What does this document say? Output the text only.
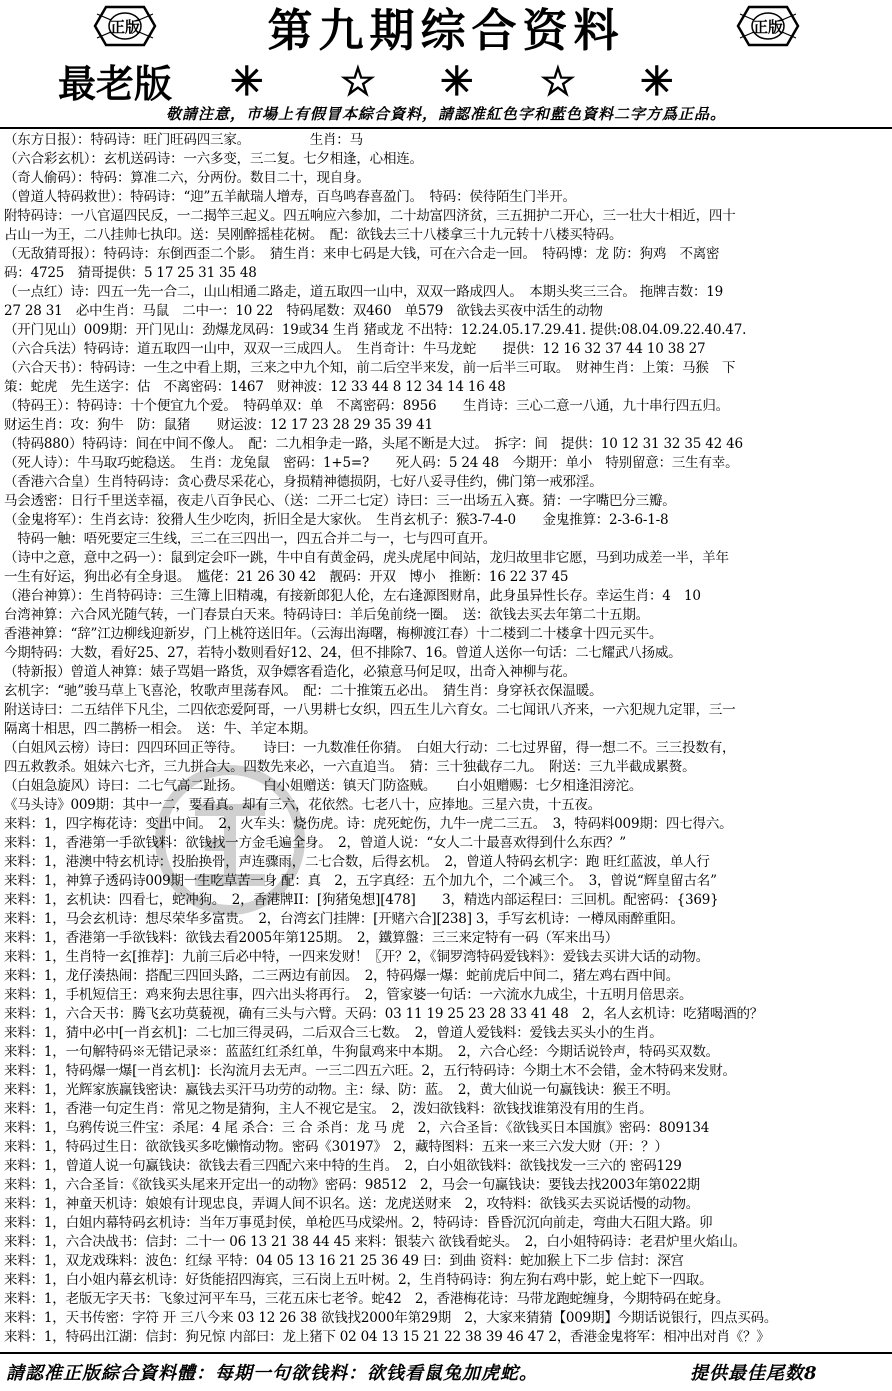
正版	正版
第九期综合资料
最老版 ✳ ☆ ✳ ☆ ✳
敬請注意，市場上有假冒本綜合資料，請認准紅色字和藍色資料二字方爲正品。
（东方日报）：特码诗：旺门旺码四三家。　　　　　生肖：马
（六合彩玄机）：玄机送码诗：一六多变，三二复。七夕相逢，心相连。
（奇人偷码）：特码：算准二六，分两份。数目二十，现自身。
（曾道人特码救世）：特码诗：“迎”五羊献瑞人增寿，百鸟鸣春喜盈门。　特码：侯待陌生门半开。
附特码诗：一八官逼四民反，一二揭竿三起义。四五响应六参加，二十劫富四济贫，三五拥护二开心，三一壮大十相近，四十
占山一为王，二八挂帅七执印。送：吴刚醉摇桂花树。　配：欲钱去三十八楼拿三十九元转十八楼买特码。
（无敌猜哥报）：特码诗：东倒西歪二个影。　猜生肖：来申七码是大钱，可在六合走一回。　特码博：龙 防：狗鸡　不离密
码：4725　猜哥提供：5 17 25 31 35 48
（一点红）诗：四五一先一合二，山山相通二路走，道五取四一山中，双双一路成四人。　本期头奖三三合。 拖牌吉数：19
27 28 31　必中生肖：马鼠　二中一：10 22　特码尾数：双460　单579　欲钱去买夜中活生的动物
（开门见山）009期：开门见山：劲爆龙凤码：19或34 生肖 猪或龙 不出特：12.24.05.17.29.41. 提供:08.04.09.22.40.47.
（六合兵法）特码诗：道五取四一山中，双双一三成四人。　生肖奇计：牛马龙蛇　　提供：12 16 32 37 44 10 38 27
（六合天书）：特码诗：一生之中看上期，三来之中九个知，前二后空半来发，前一后半三可取。　财神生肖：上策：马猴　下
策：蛇虎　先生送字：估　不离密码：1467　财神波：12 33 44 8 12 34 14 16 48
（特码王）：特码诗：十个便宜九个爱。　特码单双：单　不离密码：8956　　生肖诗：三心二意一八通，九十串行四五归。
财运生肖：攻：狗牛　防：鼠猪　　财运波：12 17 23 28 29 35 39 41
（特码880）特码诗：间在中间不像人。　配：二九相争走一路，头尾不断是大过。　拆字：间　提供：10 12 31 32 35 42 46
（死人诗）：牛马取巧蛇稳送。　生肖：龙兔鼠　密码：1+5=?　　死人码：5 24 48　今期开：单小　特别留意：三生有幸。
（香港六合皇）生肖特码诗：贪心费尽采花心，身损精神德损阴，七好八妥寻佳约，佛门第一戒邪淫。
马会透密：日行千里送幸福，夜走八百争民心、（送：二开二七定）诗曰：三一出场五入赛。猜：一字嘴巴分三瓣。
（金鬼将军）：生肖玄诗：狡猾人生少吃肉，折旧全是大家伙。　生肖玄机子：猴3-7-4-0　　金鬼推算：2-3-6-1-8
　特码一触：唔死要定三生线，三二在三四出一，四五合并二与一，七与四可直开。
（诗中之意，意中之码一）：鼠到定会吓一跳，牛中自有黄金码，虎头虎尾中间站，龙归故里非它愿，马到功成差一半，羊年
一生有好运，狗出必有全身退。　尴佬：21 26 30 42　靓码：开双　博小　推断：16 22 37 45
（港台神算）：生肖特码诗：三生簿上旧精魂，有接新郎犯人伦，左右逢源图财帛，此身虽异性长存。幸运生肖：4　10
台湾神算：六合风光随气转，一门春景白天来。特码诗曰：羊后兔前绕一圈。　送：欲钱去买去年第二十五期。
香港神算：“辞”江边柳线迎新岁，门上桃符送旧年。（云海出海曙，梅柳渡江春）十二楼到二十楼拿十四元买牛。
今期特码：大数，看好25、27，若特小数则看好12、24，但不排除7、16。曾道人送你一句话：二七耀武八扬威。
（特新报）曾道人神算：婊子骂娼一路货，双争嫖客看造化，必猿意马何足叹，出奇入神柳与花。
玄机字：“驰”骏马草上飞喜沦，牧歌声里荡春风。　配：二十推策五必出。　猜生肖：身穿袄衣保温暖。
附送诗曰：二五结伴下凡尘，二四依恋爱阿哥，一八男耕七女织，四五生儿六育女。二七闻讯八齐来，一六犯规九定罪，三一
隔离十相思，四二鹊桥一相会。　送：牛、羊定本期。
（白姐风云榜）诗曰：四四环回正等待。　　诗曰：一九数准任你猜。　白姐大行动：二七过界留，得一想二不。三三投数有，
四五救教杀。姐妹六七齐，三九拼合大。四数先来必，一六直追当。　猜：三十独截存二九。　附送：三九半截成累赘。
（白姐急旋风）诗曰：二七气高二趾扬。　　白小姐赠送：镇天门防盗贼。　　白小姐赠赐：七夕相逢泪滂沱。
《马头诗》009期：其中一二，要看真。却有三六，花依然。七老八十，应捧地。三星六贵，十五夜。
来料：1，四字梅花诗：变出中间。　2，火车头：烧伤虎。诗：虎死蛇伤，九牛一虎二三五。　3，特码料009期：四七得六。
来料：1，香港第一手欲钱料：欲钱找一方金毛遍全身。　2，曾道人说：“女人二十最喜欢得到什么东西？”
来料：1，港澳中特玄机诗：投胎换骨，声连骤雨，二七合数，后得玄机。　2，曾道人特码玄机字：跑 旺红蓝波，单人行
来料：1，神算子透码诗009期一生吃草苦一身 配：真　2，五字真经：五个加九个，二个减三个。　3，曾说“辉皇留古名”
来料：1，玄机诀：四看七，蛇冲狗。　2，香港牌II：[狗猪兔想][478]　　3，精选内部运程曰：三回机。配密码：{369}
来料：1，马会玄机诗：想尽荣华多富贵。　2，台湾玄门挂牌：[开赌六合][238] 3，手写玄机诗：一樽凤雨醉重阳。
来料：1，香港第一手欲钱料：欲钱去看2005年第125期。　2，鐵算盤：三三来定特有一码（军来出马）
来料：1，生肖特一玄[推荐]：九前三后必中特，一四来发财！〖开？2，《铜罗湾特码爱钱料》：爱钱去买讲大话的动物。
来料：1，龙仔湊热闹：搭配三四回头路，二三两边有前因。　2，特码爆一爆：蛇前虎后中间二，猪左鸡右酉中间。
来料：1，手机短信王：鸡来狗去思往事，四六出头将再行。　2，管家婆一句话：一六流水九成尘，十五明月倍思亲。
来料：1，六合天书：腾飞玄功莫藐视，确有三头与六臂。天码：03 11 19 25 23 28 33 41 48　2，名人玄机诗：吃猪喝酒的？
来料：1，猜中必中[一肖玄机]：二七加三得灵码，二后双合三七数。　2，曾道人爱钱料：爱钱去买头小的生肖。
来料：1，一句解特码※无错记录※：蓝蓝红红杀红单，牛狗鼠鸡来中本期。　2，六合心经：今期话说铃声，特码买双数。
来料：1，特码爆一爆[一肖玄机]：长沟流月去无声。一三二四五六旺。2，五行特码诗：今期土木不会错，金木特码来发财。
来料：1，光辉家族赢钱密诀：赢钱去买汗马功劳的动物。主：绿、防：蓝。　2，黄大仙说一句赢钱诀：猴王不明。
来料：1，香港一句定生肖：常见之物是猜狗，主人不视它是宝。　2，泼妇欲钱料：欲钱找谁第没有用的生肖。
来料：1，乌鸦传说三件宝：杀尾：4 尾 杀合：三 合 杀肖：龙 马 虎　2，六合圣旨：《欲钱买日本国旗》密码：809134
来料：1，特码过生日：欲欲钱买多吃懒惰动物。密码《30197》　2，藏特图料：五来一来三六发大财（开：？）
来料：1，曾道人说一句赢钱诀：欲钱去看三四配六来中特的生肖。　2，白小姐欲钱料：欲钱找发一三六的 密码129
来料：1，六合圣旨：《欲钱买头尾来开定出一的动物》密码：98512　2，马会一句赢钱诀：要钱去找2003年第022期
来料：1，神童天机诗：娘娘有计现忠良，弄调人间不识名。送：龙虎送财来　2，攻特料：欲钱买去买说话慢的动物。
来料：1，白姐内幕特码玄机诗：当年万事觅封侯，单枪匹马戍梁州。2，特码诗：昏昏沉沉向前走，弯曲大石阻大路。卯
来料：1，六合决战书：信封：二十一 06 13 21 38 44 45 来料：银装六 欲钱看蛇头。　2，白小姐特码诗：老君炉里火焰山。
来料：1，双龙戏珠料：波色：红绿 平特：04 05 13 16 21 25 36 49 曰：到曲 资料：蛇加猴上下二步 信封：深宫
来料：1，白小姐内幕玄机诗：好货能招四海宾，三石岗上五叶树。2，生肖特码诗：狗左狗右鸡中影，蛇上蛇下一四取。
来料：1，老版无字天书：飞象过河平车马，三花五床七老爷。蛇42　2，香港梅花诗：马带龙跑蛇缠身，今期特码在蛇身。
来料：1，天书传密：字符 开 三八今来 03 12 26 38 欲钱找2000年第29期　2，大家来猜猜【009期】今期话说银行，四点买码。
来料：1，特码出江湖：信封：狗兄惊 内部曰：龙上猪下 02 04 13 15 21 22 38 39 46 47 2，香港金鬼将军：相冲出对肖《？》
請認准正版綜合資料體：每期一句欲钱料：欲钱看鼠兔加虎蛇。	提供最佳尾数8
